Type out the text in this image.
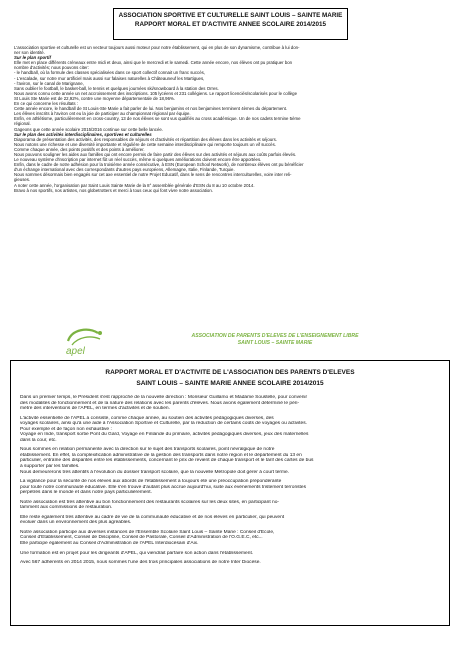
ASSOCIATION SPORTIVE ET CULTURELLE SAINT LOUIS – SAINTE MARIE
RAPPORT MORAL ET D'ACTIVITE ANNEE SCOLAIRE 2014/2015

L'association sportive et culturelle est un vecteur toujours aussi moteur pour notre établissement, qui en plus de son dynamisme, contribue à lui don-

ner son identité.

Sur le plan sportif

Elle met en place différents créneaux entre midi et deux, ainsi que le mercredi et le samedi. Cette année encore, nos élèves ont pu pratiquer bon

nombre d'activités; nous pouvons citer:

- le handball, où la formule des classes spécialisées dans ce sport collectif connait un franc succès,

- L'escalade, sur notre mur artificiel mais aussi sur falaises naturelles à Châteauneuf les Martigues,

- l'aviron, sur le canal de Marignane,

Sans oublier le football, le basket-ball, le tennis et quelques journées ski/snowboard à la station des Orres.

Nous avons connu cette année un net accroissement des inscriptions. 105 lycéens et 231 collégiens. Le rapport licenciés/scolarisés pour le collège

St Louis Ste Marie est de 22,92%, contre une moyenne départementale de 18,96%.

En ce qui concerne les résultats :

Cette année encore, le handball de St Louis-Ste Marie a fait parler de lui. Nos benjamins et nos benjamines terminent 4èmes du département.

Les élèves inscrits à l'aviron ont eu la joie de participer au championnat régional par équipe.

Enfin, en athlétisme, particulièrement en cross-country, 13 de nos élèves se sont vus qualifiés au cross académique. Un de nos cadets termine 5ème

régional.

Gageons que cette année scolaire 2015/2016 continue sur cette belle lancée.

Sur le plan des activités interdisciplinaires, sportives et culturelles

Diaporama de présentation des activités, des responsables de séjours et d'activités et répartition des élèves dans les activités et séjours.

Nous notons une richesse et une diversité importante et régulière de cette semaine interdisciplinaire qui remporte toujours un vif succès.

Comme chaque année, des points positifs et des points à améliorer.

Nous pouvons souligner les aides aux familles qui ont encore permis de faire partir des élèves sur des activités et séjours aux coûts parfois élevés.

Le nouveau système d'inscription par internet fût un réel succès, même si quelques améliorations doivent encore être apportées.

Enfin, dans le cadre de notre adhésion pour la troisième année consécutive, à ESN (European School Network), de nombreux élèves ont pu bénéficier

d'un échange international avec des correspondants d'autres pays européens, Allemagne, Italie, Finlande, Turquie.

Nous sommes désormais bien engagés sur cet axe essentiel de notre Projet Educatif, dans le sens de rencontres interculturelles, voire inter reli-

gieuses.

A noter cette année, l'organisation par Saint Louis Sainte Marie de la 8° assemblée générale d'ESN du 8 au 10 octobre 2014.

Bravo à nos sportifs, nos artistes, nos globetrotters et merci à tous ceux qui font vivre notre association.

apel
ASSOCIATION DE PARENTS D'ELEVES DE L'ENSEIGNEMENT LIBRE
SAINT LOUIS – SAINTE MARIE
RAPPORT MORAL ET D'ACTIVITE DE L'ASSOCIATION DES PARENTS D'ELEVES
SAINT LOUIS – SAINTE MARIE ANNEE SCOLAIRE 2014/2015

Dans un premier temps, le Président s'est rapproché de la nouvelle direction : Monsieur Guillamo et Madame Soustelle, pour convenir

des modalités de fonctionnement et de la nature des relations avec les parents d'élèves. Nous avons également déterminé le péri-

mètre des interventions de l'APEL, en termes d'activités et de soutien.

L'activité essentielle de l'APEL a consisté, comme chaque année, au soutien des activités pédagogiques diverses, des

voyages scolaires, ainsi qu'à une aide à l'Association Sportive et Culturelle, par la réduction de certains coûts de voyages ou activités.

Pour exemple et de façon non exhaustive :

Voyage en Inde, transport sortie Pont du Gard, Voyage en Finlande du primaire, activités pédagogiques diverses, jeux des maternelles

dans la cour, etc.

Nous sommes en relation permanente avec la direction sur le sujet des transports scolaires, point névralgique de notre

établissement. En effet, la complexification administrative de la gestion des transports dans notre région et le département du 13 en

particulier, entraîne des disparités entre les établissements, concernant le prix de revient de chaque transport et le tarif des cartes de bus

à supporter par les familles.

Nous demeurerons très attentifs à l'évolution du dossier transport scolaire, que la nouvelle Métropole doit gérer à court terme.

La vigilance pour la sécurité de nos élèves aux abords de l'établissement a toujours été une préoccupation prépondérante

pour toute notre communauté éducative. Elle s'en trouve d'autant plus accrue aujourd'hui, suite aux événements tristement terroristes

perpétrés dans le monde et dans notre pays particulièrement.

Notre association est très attentive au bon fonctionnement des restaurants scolaires sur les deux sites, en participant no-

tamment aux commissions de restauration.

Elle reste également très attentive au cadre de vie de la communauté éducative et de nos élèves en particulier, qui peuvent

évoluer dans un environnement des plus agréables.

Notre association participe aux diverses instances de l'Ensemble Scolaire Saint Louis – Sainte Marie : Conseil d'Ecole,

Conseil d'Etablissement, Conseil de Discipline, Conseil de Pastorale, Conseil d'Administration de l'O.G.E.C, etc...

Elle participe également au Conseil d'Administration de l'APEL Interdiocésain d'Aix.

Une formation est en projet pour les dirigeants d'APEL, qui viendrait parfaire son action dans l'établissement.

Avec 567 adhérents en 2014 2015, nous sommes l'une des trois principales associations de notre Inter Diocèse.
